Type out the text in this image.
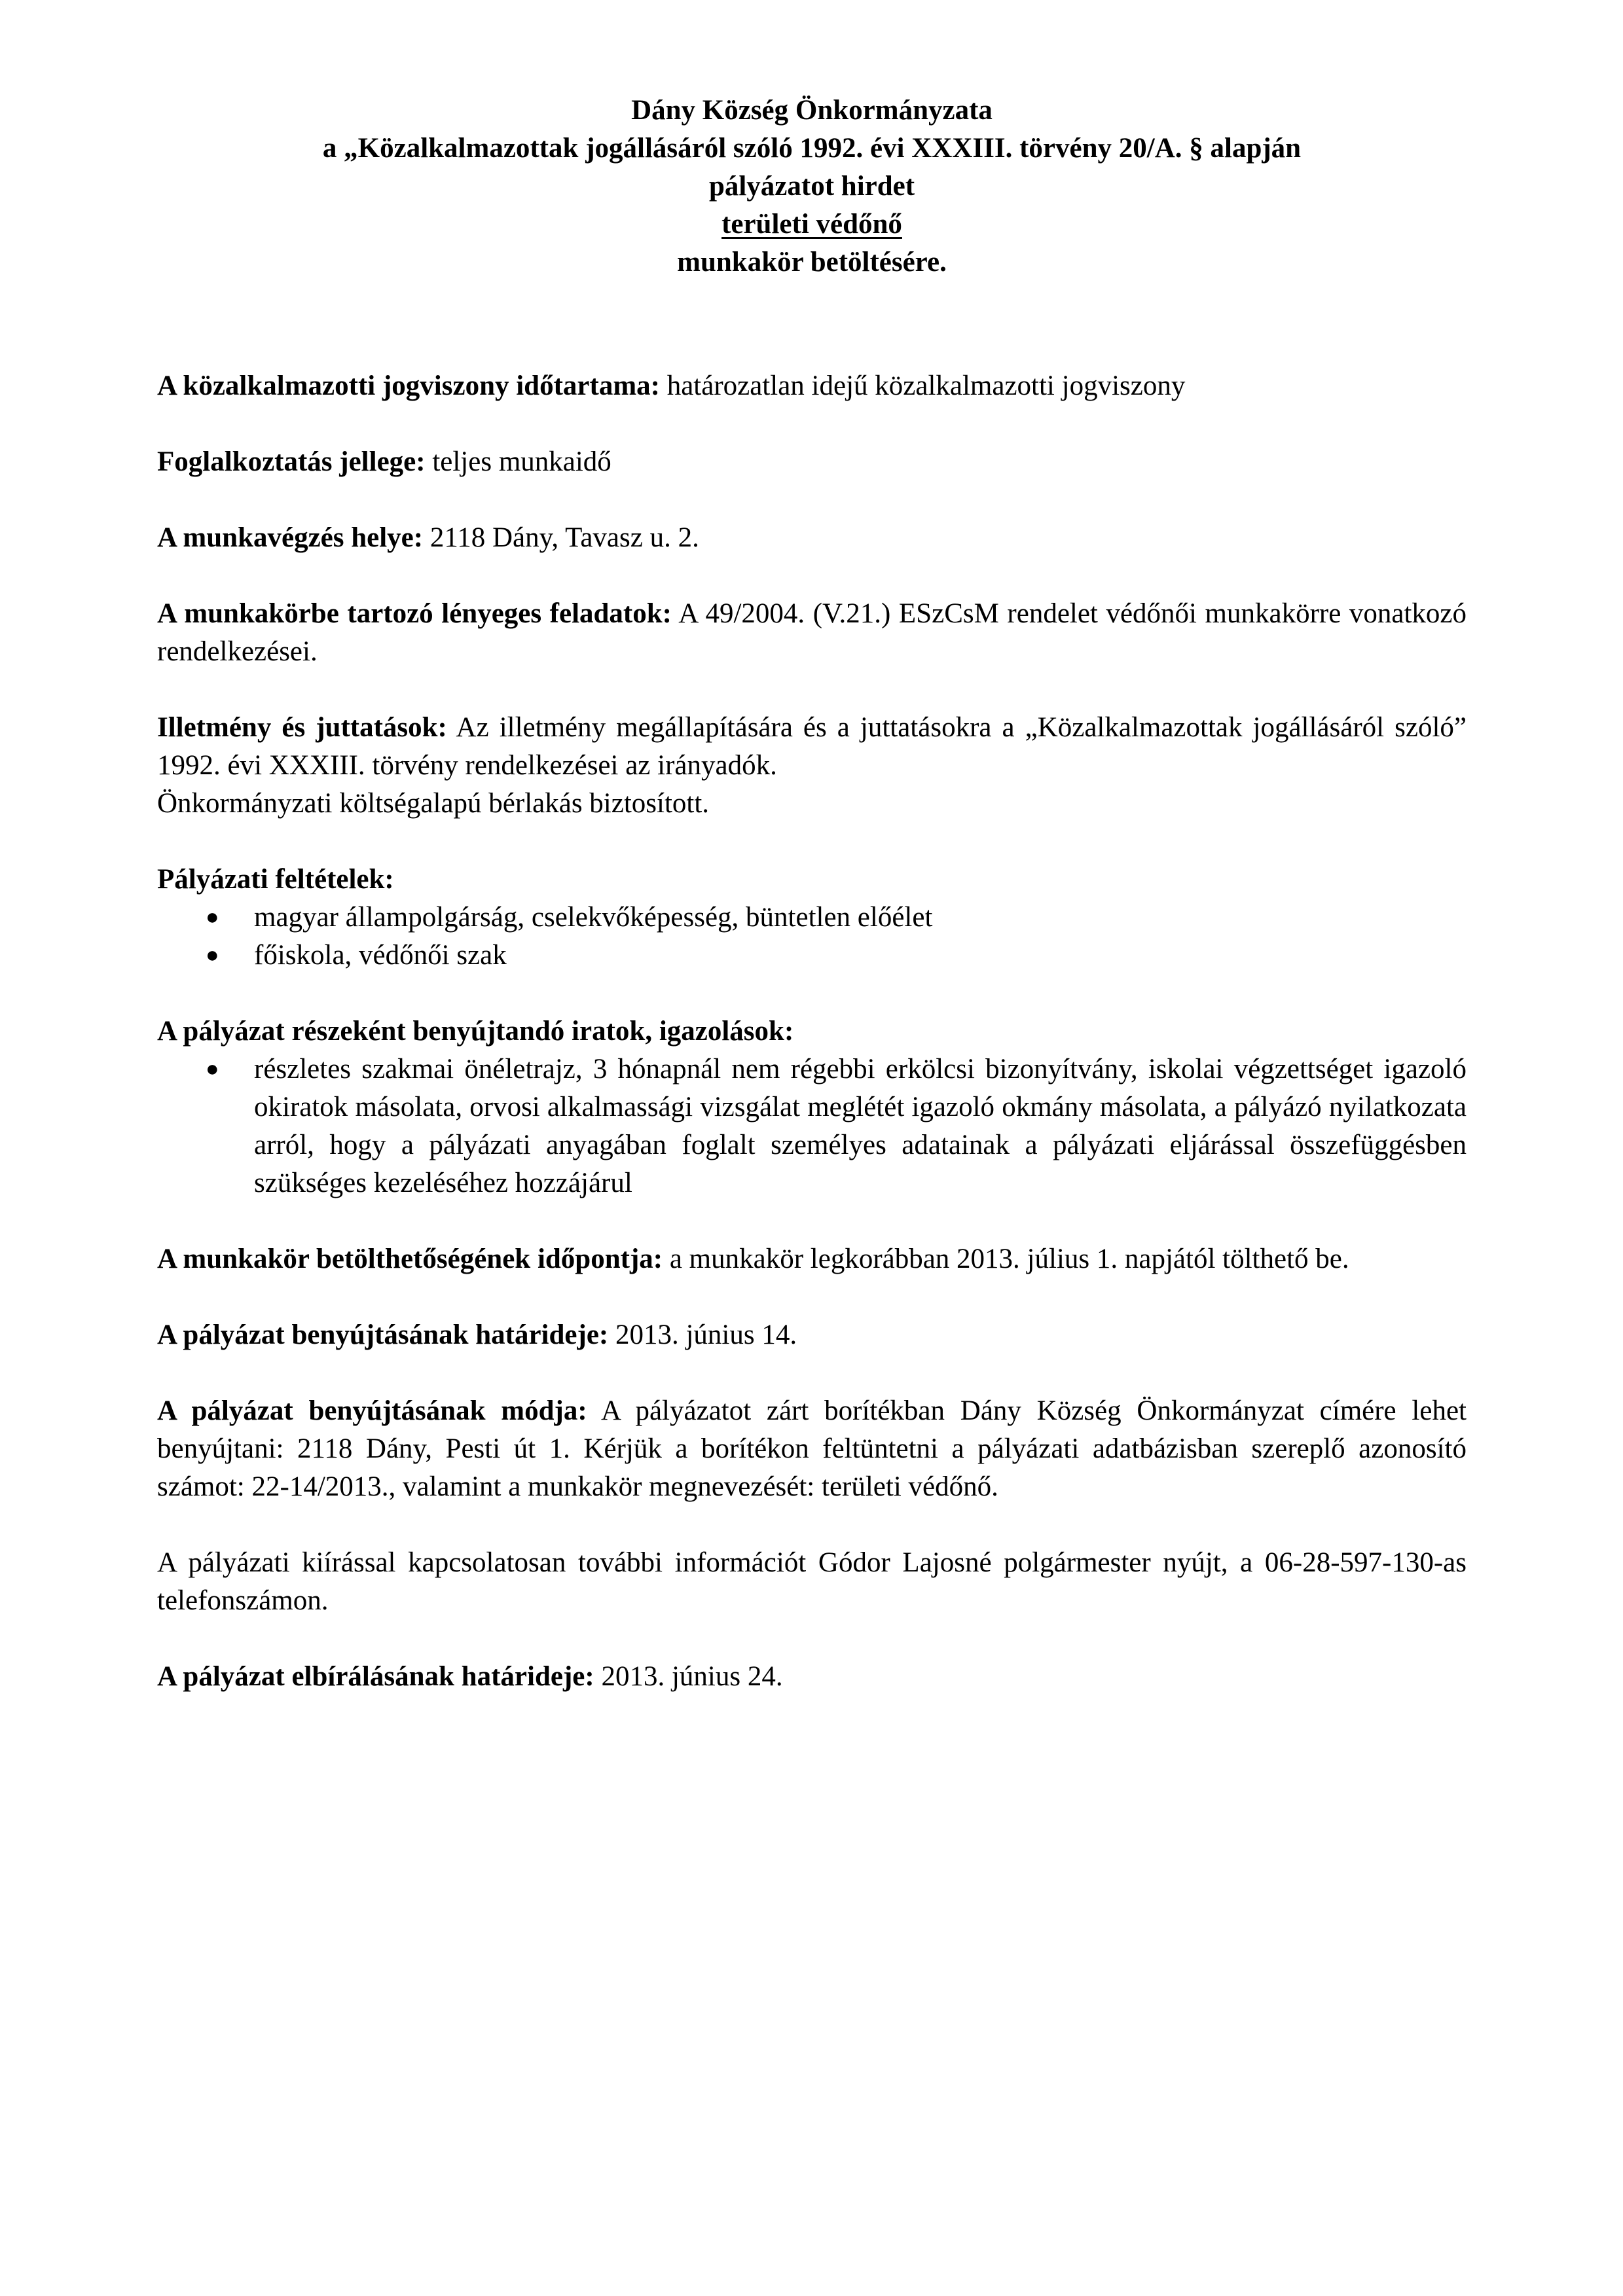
Dány Község Önkormányzata
a „Közalkalmazottak jogállásáról szóló 1992. évi XXXIII. törvény 20/A. § alapján
pályázatot hirdet
területi védőnő
munkakör betöltésére.

A közalkalmazotti jogviszony időtartama: határozatlan idejű közalkalmazotti jogviszony

Foglalkoztatás jellege: teljes munkaidő

A munkavégzés helye: 2118 Dány, Tavasz u. 2.

A munkakörbe tartozó lényeges feladatok: A 49/2004. (V.21.) ESzCsM rendelet védőnői munkakörre vonatkozó rendelkezései.

Illetmény és juttatások: Az illetmény megállapítására és a juttatásokra a „Közalkalmazottak jogállásáról szóló” 1992. évi XXXIII. törvény rendelkezései az irányadók.
Önkormányzati költségalapú bérlakás biztosított.

Pályázati feltételek:
● magyar állampolgárság, cselekvőképesség, büntetlen előélet
● főiskola, védőnői szak
A pályázat részeként benyújtandó iratok, igazolások:
● részletes szakmai önéletrajz, 3 hónapnál nem régebbi erkölcsi bizonyítvány, iskolai végzettséget igazoló okiratok másolata, orvosi alkalmassági vizsgálat meglétét igazoló okmány másolata, a pályázó nyilatkozata arról, hogy a pályázati anyagában foglalt személyes adatainak a pályázati eljárással összefüggésben szükséges kezeléséhez hozzájárul

A munkakör betölthetőségének időpontja: a munkakör legkorábban 2013. július 1. napjától tölthető be.

A pályázat benyújtásának határideje: 2013. június 14.

A pályázat benyújtásának módja: A pályázatot zárt borítékban Dány Község Önkormányzat címére lehet benyújtani: 2118 Dány, Pesti út 1. Kérjük a borítékon feltüntetni a pályázati adatbázisban szereplő azonosító számot: 22-14/2013., valamint a munkakör megnevezését: területi védőnő.

A pályázati kiírással kapcsolatosan további információt Gódor Lajosné polgármester nyújt, a 06-28-597-130-as telefonszámon.

A pályázat elbírálásának határideje: 2013. június 24.
